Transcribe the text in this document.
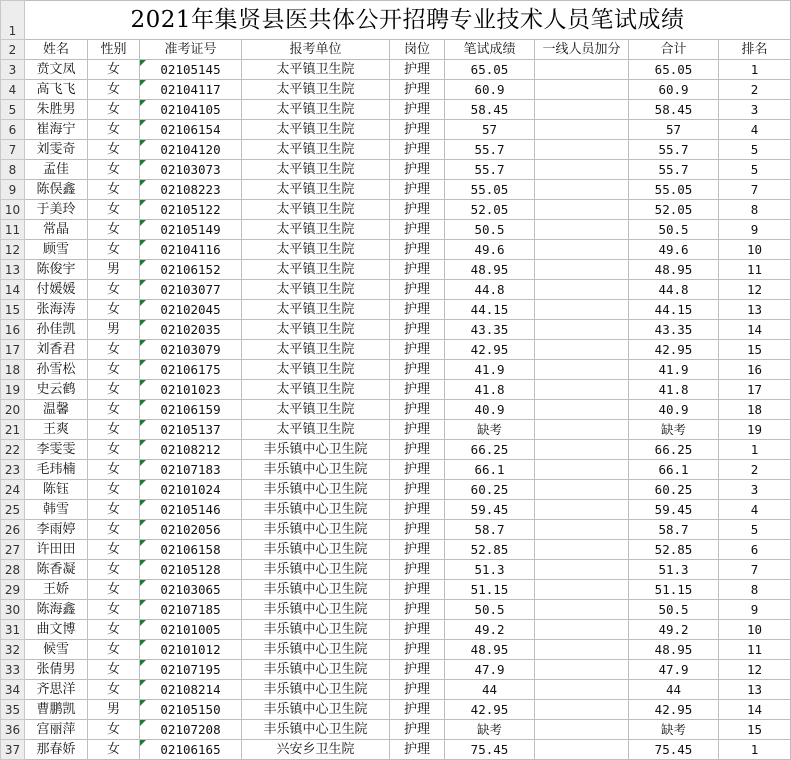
1	2021年集贤县医共体公开招聘专业技术人员笔试成绩								
2	姓名	性别	准考证号	报考单位	岗位	笔试成绩	一线人员加分	合计	排名
3	贲文凤	女	02105145	太平镇卫生院	护理	65.05		65.05	1
4	高飞飞	女	02104117	太平镇卫生院	护理	60.9		60.9	2
5	朱胜男	女	02104105	太平镇卫生院	护理	58.45		58.45	3
6	崔海宁	女	02106154	太平镇卫生院	护理	57		57	4
7	刘雯奇	女	02104120	太平镇卫生院	护理	55.7		55.7	5
8	孟佳	女	02103073	太平镇卫生院	护理	55.7		55.7	5
9	陈俣鑫	女	02108223	太平镇卫生院	护理	55.05		55.05	7
10	于美玲	女	02105122	太平镇卫生院	护理	52.05		52.05	8
11	常晶	女	02105149	太平镇卫生院	护理	50.5		50.5	9
12	顾雪	女	02104116	太平镇卫生院	护理	49.6		49.6	10
13	陈俊宇	男	02106152	太平镇卫生院	护理	48.95		48.95	11
14	付媛媛	女	02103077	太平镇卫生院	护理	44.8		44.8	12
15	张海涛	女	02102045	太平镇卫生院	护理	44.15		44.15	13
16	孙佳凯	男	02102035	太平镇卫生院	护理	43.35		43.35	14
17	刘香君	女	02103079	太平镇卫生院	护理	42.95		42.95	15
18	孙雪松	女	02106175	太平镇卫生院	护理	41.9		41.9	16
19	史云鹤	女	02101023	太平镇卫生院	护理	41.8		41.8	17
20	温馨	女	02106159	太平镇卫生院	护理	40.9		40.9	18
21	王爽	女	02105137	太平镇卫生院	护理	缺考		缺考	19
22	李雯雯	女	02108212	丰乐镇中心卫生院	护理	66.25		66.25	1
23	毛玮楠	女	02107183	丰乐镇中心卫生院	护理	66.1		66.1	2
24	陈钰	女	02101024	丰乐镇中心卫生院	护理	60.25		60.25	3
25	韩雪	女	02105146	丰乐镇中心卫生院	护理	59.45		59.45	4
26	李雨婷	女	02102056	丰乐镇中心卫生院	护理	58.7		58.7	5
27	许田田	女	02106158	丰乐镇中心卫生院	护理	52.85		52.85	6
28	陈香凝	女	02105128	丰乐镇中心卫生院	护理	51.3		51.3	7
29	王娇	女	02103065	丰乐镇中心卫生院	护理	51.15		51.15	8
30	陈海鑫	女	02107185	丰乐镇中心卫生院	护理	50.5		50.5	9
31	曲文博	女	02101005	丰乐镇中心卫生院	护理	49.2		49.2	10
32	候雪	女	02101012	丰乐镇中心卫生院	护理	48.95		48.95	11
33	张倩男	女	02107195	丰乐镇中心卫生院	护理	47.9		47.9	12
34	齐思洋	女	02108214	丰乐镇中心卫生院	护理	44		44	13
35	曹鹏凯	男	02105150	丰乐镇中心卫生院	护理	42.95		42.95	14
36	宫丽萍	女	02107208	丰乐镇中心卫生院	护理	缺考		缺考	15
37	那春娇	女	02106165	兴安乡卫生院	护理	75.45		75.45	1
